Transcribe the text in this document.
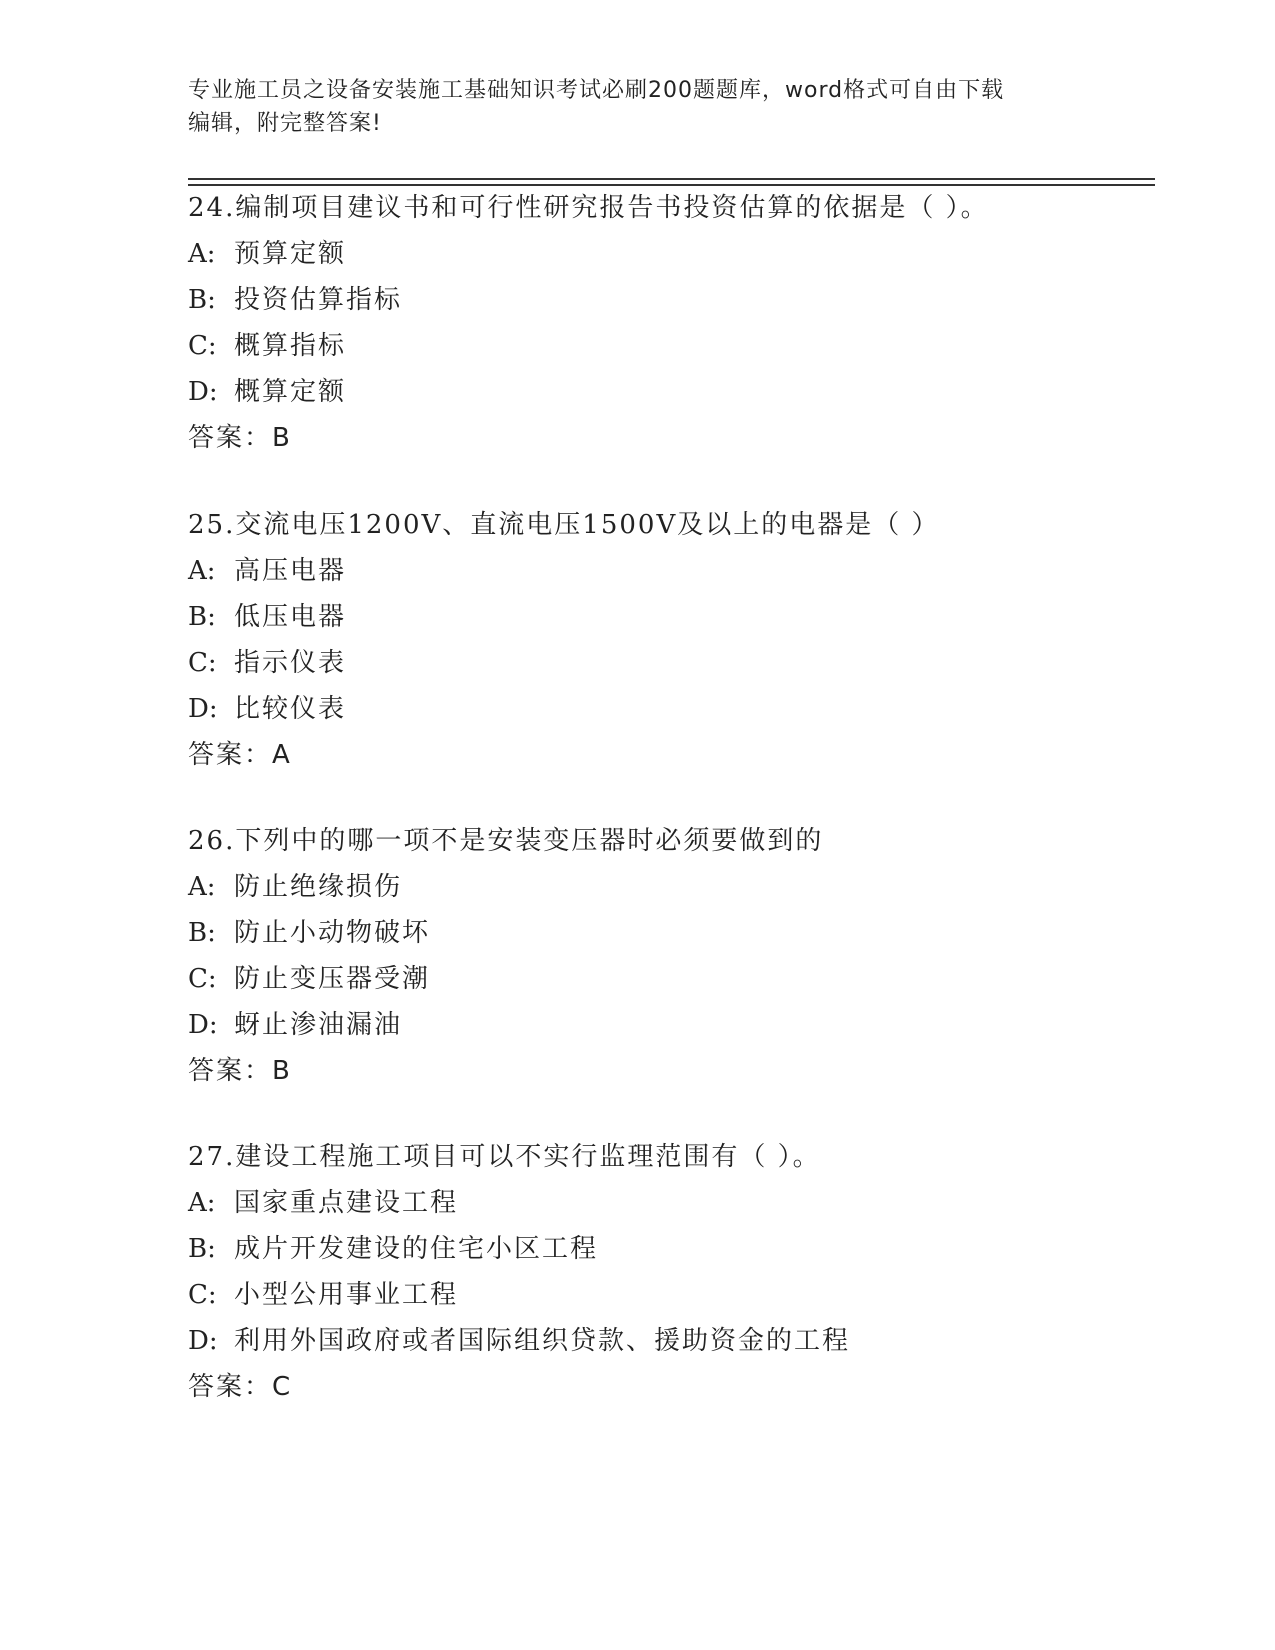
专业施工员之设备安装施工基础知识考试必刷200题题库，word格式可自由下载
编辑，附完整答案!
24.编制项目建议书和可行性研究报告书投资估算的依据是（ ）。
A: 预算定额
B: 投资估算指标
C: 概算指标
D: 概算定额
答案：B
25.交流电压1200V、直流电压1500V及以上的电器是（ ）
A: 高压电器
B: 低压电器
C: 指示仪表
D: 比较仪表
答案：A
26.下列中的哪一项不是安装变压器时必须要做到的
A: 防止绝缘损伤
B: 防止小动物破坏
C: 防止变压器受潮
D: 蚜止渗油漏油
答案：B
27.建设工程施工项目可以不实行监理范围有（ ）。
A: 国家重点建设工程
B: 成片开发建设的住宅小区工程
C: 小型公用事业工程
D: 利用外国政府或者国际组织贷款、援助资金的工程
答案：C
